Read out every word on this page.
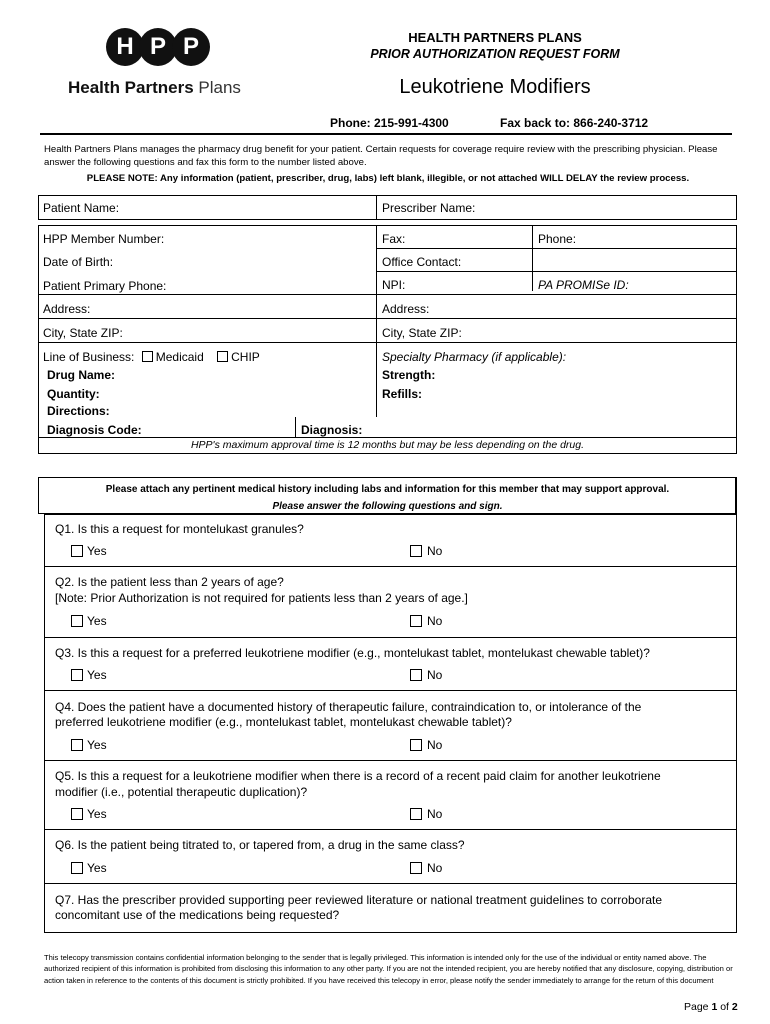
H P P
Health Partners Plans
HEALTH PARTNERS PLANS
PRIOR AUTHORIZATION REQUEST FORM
Leukotriene Modifiers
Phone: 215-991-4300	Fax back to: 866-240-3712
Health Partners Plans manages the pharmacy drug benefit for your patient. Certain requests for coverage require review with the prescribing physician. Please answer the following questions and fax this form to the number listed above.
PLEASE NOTE: Any information (patient, prescriber, drug, labs) left blank, illegible, or not attached WILL DELAY the review process.
Patient Name:	Prescriber Name:
HPP Member Number:	Fax:	Phone:
Date of Birth:	Office Contact:
Patient Primary Phone:	NPI:	PA PROMISe ID:
Address:	Address:
City, State ZIP:	City, State ZIP:
Line of Business: Medicaid CHIP	Specialty Pharmacy (if applicable):
Drug Name:	Strength:
Quantity:	Refills:
Directions:
Diagnosis Code:	Diagnosis:
HPP's maximum approval time is 12 months but may be less depending on the drug.
Please attach any pertinent medical history including labs and information for this member that may support approval.
Please answer the following questions and sign.
Q1. Is this a request for montelukast granules?
Yes	No
Q2. Is the patient less than 2 years of age?
[Note: Prior Authorization is not required for patients less than 2 years of age.]
Yes	No
Q3. Is this a request for a preferred leukotriene modifier (e.g., montelukast tablet, montelukast chewable tablet)?
Yes	No
Q4. Does the patient have a documented history of therapeutic failure, contraindication to, or intolerance of the
preferred leukotriene modifier (e.g., montelukast tablet, montelukast chewable tablet)?
Yes	No
Q5. Is this a request for a leukotriene modifier when there is a record of a recent paid claim for another leukotriene
modifier (i.e., potential therapeutic duplication)?
Yes	No
Q6. Is the patient being titrated to, or tapered from, a drug in the same class?
Yes	No
Q7. Has the prescriber provided supporting peer reviewed literature or national treatment guidelines to corroborate
concomitant use of the medications being requested?
This telecopy transmission contains confidential information belonging to the sender that is legally privileged. This information is intended only for the use of the individual or entity named above. The authorized recipient of this information is prohibited from disclosing this information to any other party. If you are not the intended recipient, you are hereby notified that any disclosure, copying, distribution or action taken in reference to the contents of this document is strictly prohibited. If you have received this telecopy in error, please notify the sender immediately to arrange for the return of this document
Page 1 of 2
